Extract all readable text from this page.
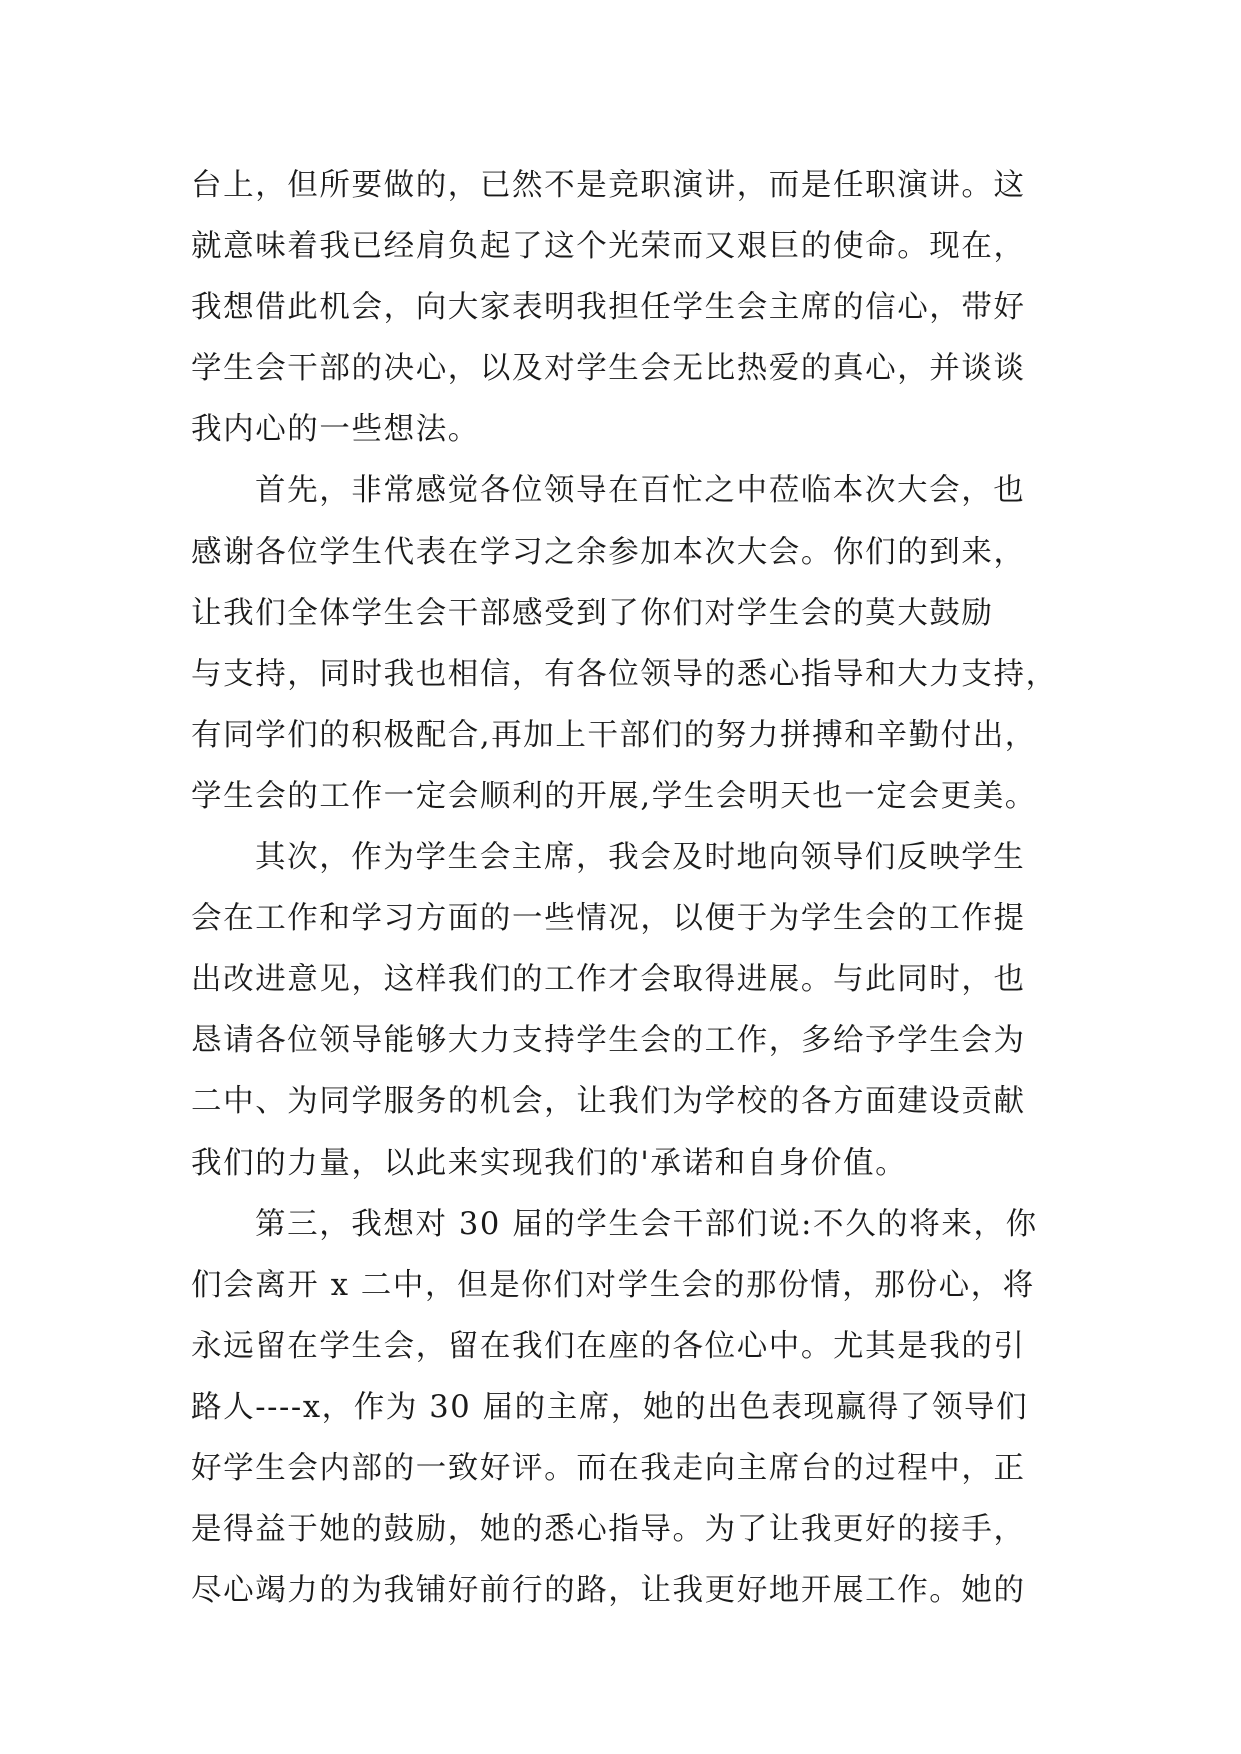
台上，但所要做的，已然不是竞职演讲，而是任职演讲。这
就意味着我已经肩负起了这个光荣而又艰巨的使命。现在，
我想借此机会，向大家表明我担任学生会主席的信心，带好
学生会干部的决心，以及对学生会无比热爱的真心，并谈谈
我内心的一些想法。
首先，非常感觉各位领导在百忙之中莅临本次大会，也
感谢各位学生代表在学习之余参加本次大会。你们的到来，
让我们全体学生会干部感受到了你们对学生会的莫大鼓励
与支持，同时我也相信，有各位领导的悉心指导和大力支持，
有同学们的积极配合,再加上干部们的努力拼搏和辛勤付出，
学生会的工作一定会顺利的开展,学生会明天也一定会更美。
其次，作为学生会主席，我会及时地向领导们反映学生
会在工作和学习方面的一些情况，以便于为学生会的工作提
出改进意见，这样我们的工作才会取得进展。与此同时，也
恳请各位领导能够大力支持学生会的工作，多给予学生会为
二中、为同学服务的机会，让我们为学校的各方面建设贡献
我们的力量，以此来实现我们的'承诺和自身价值。
第三，我想对 30 届的学生会干部们说:不久的将来，你
们会离开 x 二中，但是你们对学生会的那份情，那份心，将
永远留在学生会，留在我们在座的各位心中。尤其是我的引
路人----x，作为 30 届的主席，她的出色表现赢得了领导们
好学生会内部的一致好评。而在我走向主席台的过程中，正
是得益于她的鼓励，她的悉心指导。为了让我更好的接手，
尽心竭力的为我铺好前行的路，让我更好地开展工作。她的
